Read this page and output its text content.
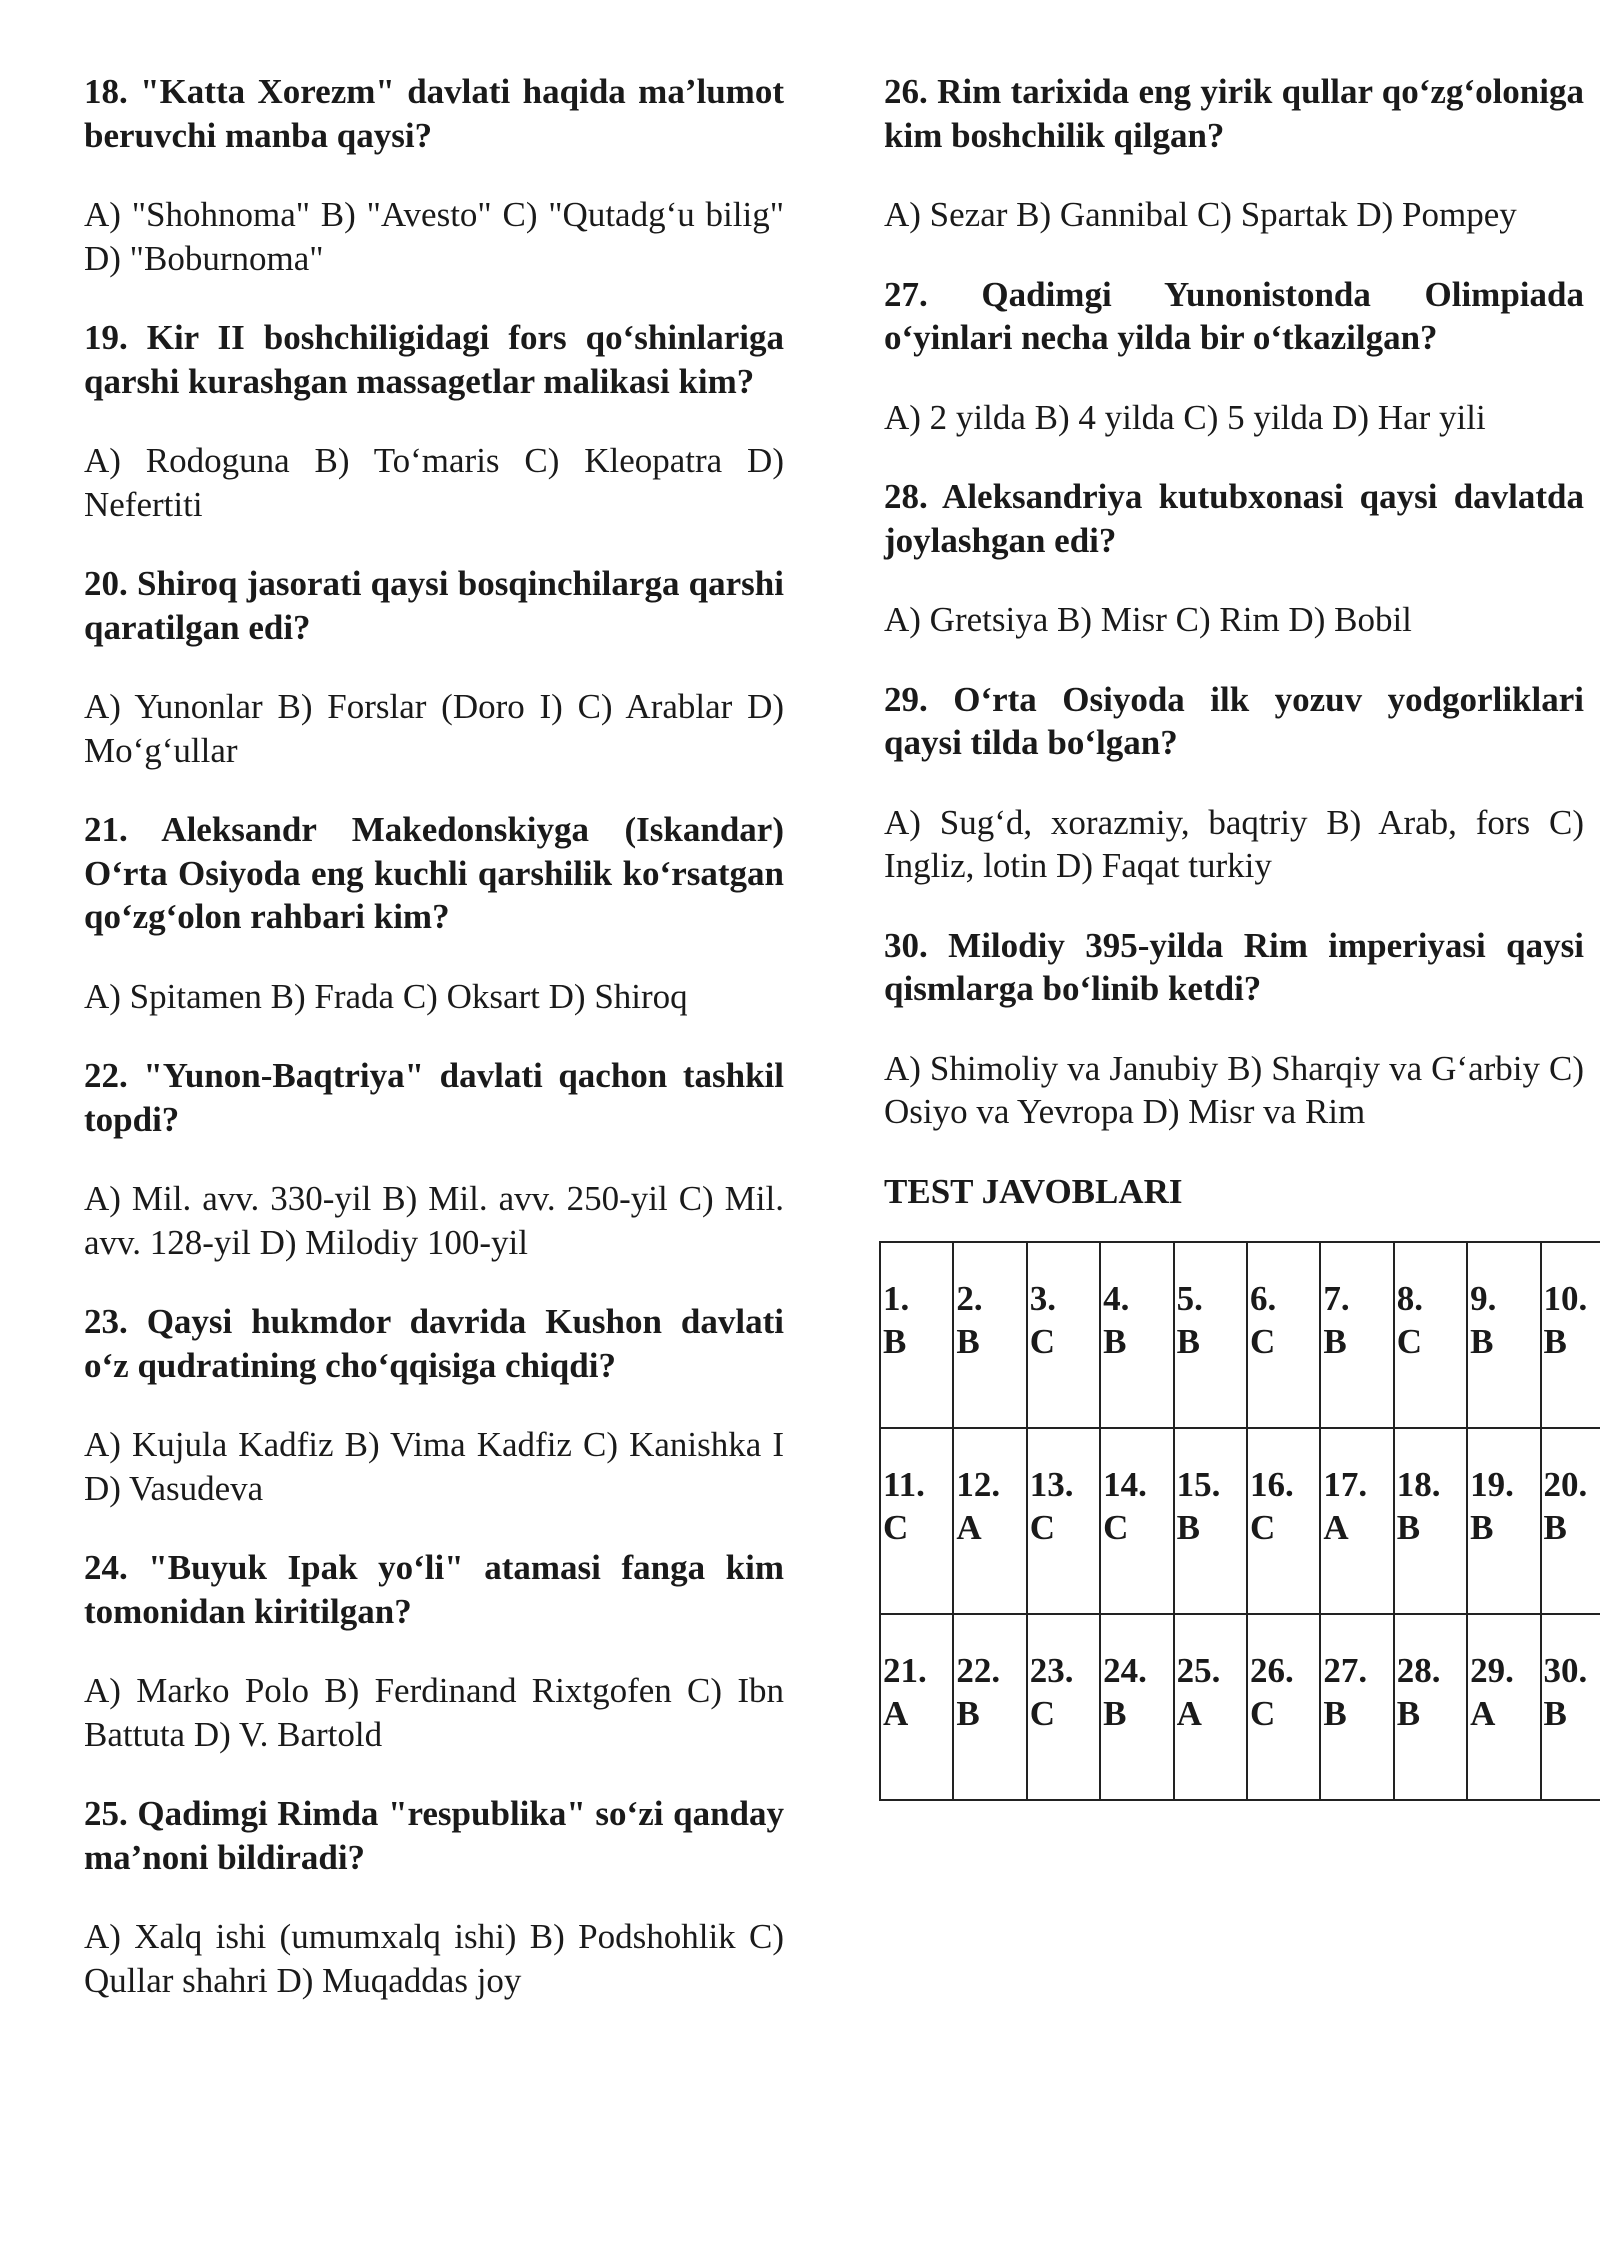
18. "Katta Xorezm" davlati haqida ma’lumot beruvchi manba qaysi?
A) "Shohnoma" B) "Avesto" C) "Qutadg‘u bilig" D) "Boburnoma"
19. Kir II boshchiligidagi fors qo‘shinlariga qarshi kurashgan massagetlar malikasi kim?
A) Rodoguna B) To‘maris C) Kleopatra D) Nefertiti
20. Shiroq jasorati qaysi bosqinchilarga qarshi qaratilgan edi?
A) Yunonlar B) Forslar (Doro I) C) Arablar D) Mo‘g‘ullar
21. Aleksandr Makedonskiyga (Iskandar) O‘rta Osiyoda eng kuchli qarshilik ko‘rsatgan qo‘zg‘olon rahbari kim?
A) Spitamen B) Frada C) Oksart D) Shiroq
22. "Yunon-Baqtriya" davlati qachon tashkil topdi?
A) Mil. avv. 330-yil B) Mil. avv. 250-yil C) Mil. avv. 128-yil D) Milodiy 100-yil
23. Qaysi hukmdor davrida Kushon davlati o‘z qudratining cho‘qqisiga chiqdi?
A) Kujula Kadfiz B) Vima Kadfiz C) Kanishka I D) Vasudeva
24. "Buyuk Ipak yo‘li" atamasi fanga kim tomonidan kiritilgan?
A) Marko Polo B) Ferdinand Rixtgofen C) Ibn Battuta D) V. Bartold
25. Qadimgi Rimda "respublika" so‘zi qanday ma’noni bildiradi?
A) Xalq ishi (umumxalq ishi) B) Podshohlik C) Qullar shahri D) Muqaddas joy
26. Rim tarixida eng yirik qullar qo‘zg‘oloniga kim boshchilik qilgan?
A) Sezar B) Gannibal C) Spartak D) Pompey
27. Qadimgi Yunonistonda Olimpiada o‘yinlari necha yilda bir o‘tkazilgan?
A) 2 yilda B) 4 yilda C) 5 yilda D) Har yili
28. Aleksandriya kutubxonasi qaysi davlatda joylashgan edi?
A) Gretsiya B) Misr C) Rim D) Bobil
29. O‘rta Osiyoda ilk yozuv yodgorliklari qaysi tilda bo‘lgan?
A) Sug‘d, xorazmiy, baqtriy B) Arab, fors C) Ingliz, lotin D) Faqat turkiy
30. Milodiy 395-yilda Rim imperiyasi qaysi qismlarga bo‘linib ketdi?
A) Shimoliy va Janubiy B) Sharqiy va G‘arbiy C) Osiyo va Yevropa D) Misr va Rim
TEST JAVOBLARI
1.
B	2.
B	3.
C	4.
B	5.
B	6.
C	7.
B	8.
C	9.
B	10.
B

11.
C	12.
A	13.
C	14.
C	15.
B	16.
C	17.
A	18.
B	19.
B	20.
B

21.
A	22.
B	23.
C	24.
B	25.
A	26.
C	27.
B	28.
B	29.
A	30.
B
